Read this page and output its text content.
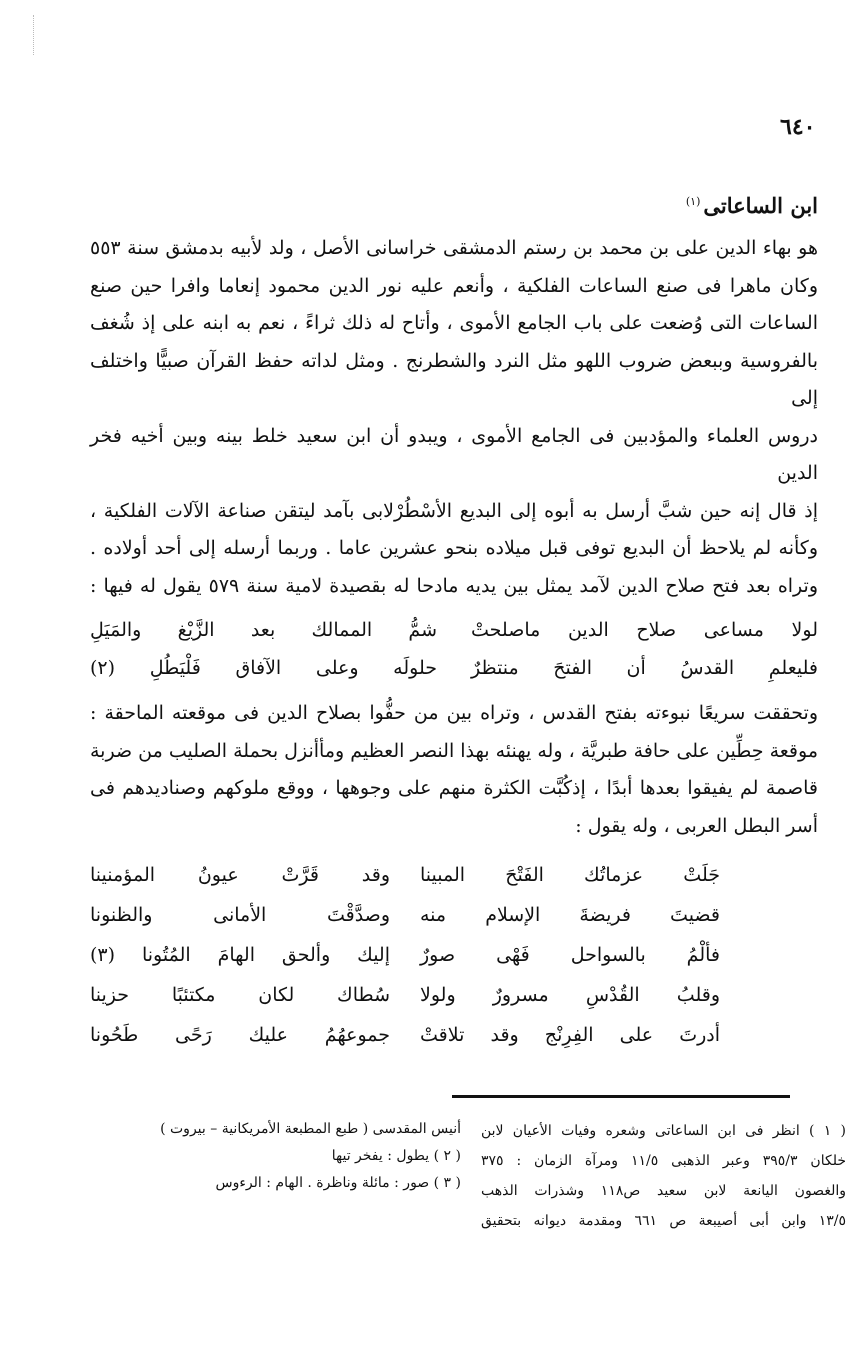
٦٤٠
ابن الساعاتى$^{(١)}$
هو بهاء الدين على بن محمد بن رستم الدمشقى خراسانى الأصل ، ولد لأبيه بدمشق سنة ٥٥٣
وكان ماهرا فى صنع الساعات الفلكية ، وأنعم عليه نور الدين محمود إنعاما وافرا حين صنع
الساعات التى وُضعت على باب الجامع الأموى ، وأتاح له ذلك ثراءً ، نعم به ابنه على إذ شُغف
بالفروسية وببعض ضروب اللهو مثل النرد والشطرنج . ومثل لداته حفظ القرآن صبيًّا واختلف إلى
دروس العلماء والمؤدبين فى الجامع الأموى ، ويبدو أن ابن سعيد خلط بينه وبين أخيه فخر الدين
إذ قال إنه حين شبَّ أرسل به أبوه إلى البديع الأسْطُرْلابى بآمد ليتقن صناعة الآلات الفلكية ،
وكأنه لم يلاحظ أن البديع توفى قبل ميلاده بنحو عشرين عاما . وربما أرسله إلى أحد أولاده .
وتراه بعد فتح صلاح الدين لآمد يمثل بين يديه مادحا له بقصيدة لامية سنة ٥٧٩ يقول له فيها :
لولا مساعى صلاح الدين ماصلحتْ
شمُّ الممالك بعد الزَّيْغ والمَيَلِ
فليعلمِ القدسُ أن الفتحَ منتظرٌ
حلولَه وعلى الآفاق فَلْيَطُلِ (٢)
وتحققت سريعًا نبوءته بفتح القدس ، وتراه بين من حفُّوا بصلاح الدين فى موقعته الماحقة :
موقعة حِطِّين على حافة طبريَّة ، وله يهنئه بهذا النصر العظيم ومأأنزل بحملة الصليب من ضربة
قاصمة لم يفيقوا بعدها أبدًا ، إذكُبَّت الكثرة منهم على وجوهها ، ووقع ملوكهم وصناديدهم فى
أسر البطل العربى ، وله يقول :
جَلَتْ عزماتُك الفَتْحَ المبينا
وقد قَرَّتْ عيونُ المؤمنينا
قضيتَ فريضةَ الإسلام منه
وصدَّقْتَ الأمانى والظنونا
فألْمُ بالسواحل فَهْى صورٌ
إليك وألحق الهامَ المُتُونا (٣)
وقلبُ القُدْسِ مسرورٌ ولولا
سُطاك لكان مكتئبًا حزينا
أدرتَ على الفِرِنْج وقد تلاقتْ
جموعهُمُ عليك رَحًى طَحُونا
( ١ ) انظر فى ابن الساعاتى وشعره وفيات الأعيان لابن
خلكان ٣٩٥/٣ وعبر الذهبى ١١/٥ ومرآة الزمان : ٣٧٥
والغصون اليانعة لابن سعيد ص١١٨ وشذرات الذهب
١٣/٥ وابن أبى أصيبعة ص ٦٦١ ومقدمة ديوانه بتحقيق
أنيس المقدسى ( طبع المطبعة الأمريكانية – بيروت )
( ٢ ) يطول : يفخر تيها
( ٣ ) صور : مائلة وناظرة . الهام : الرءوس
